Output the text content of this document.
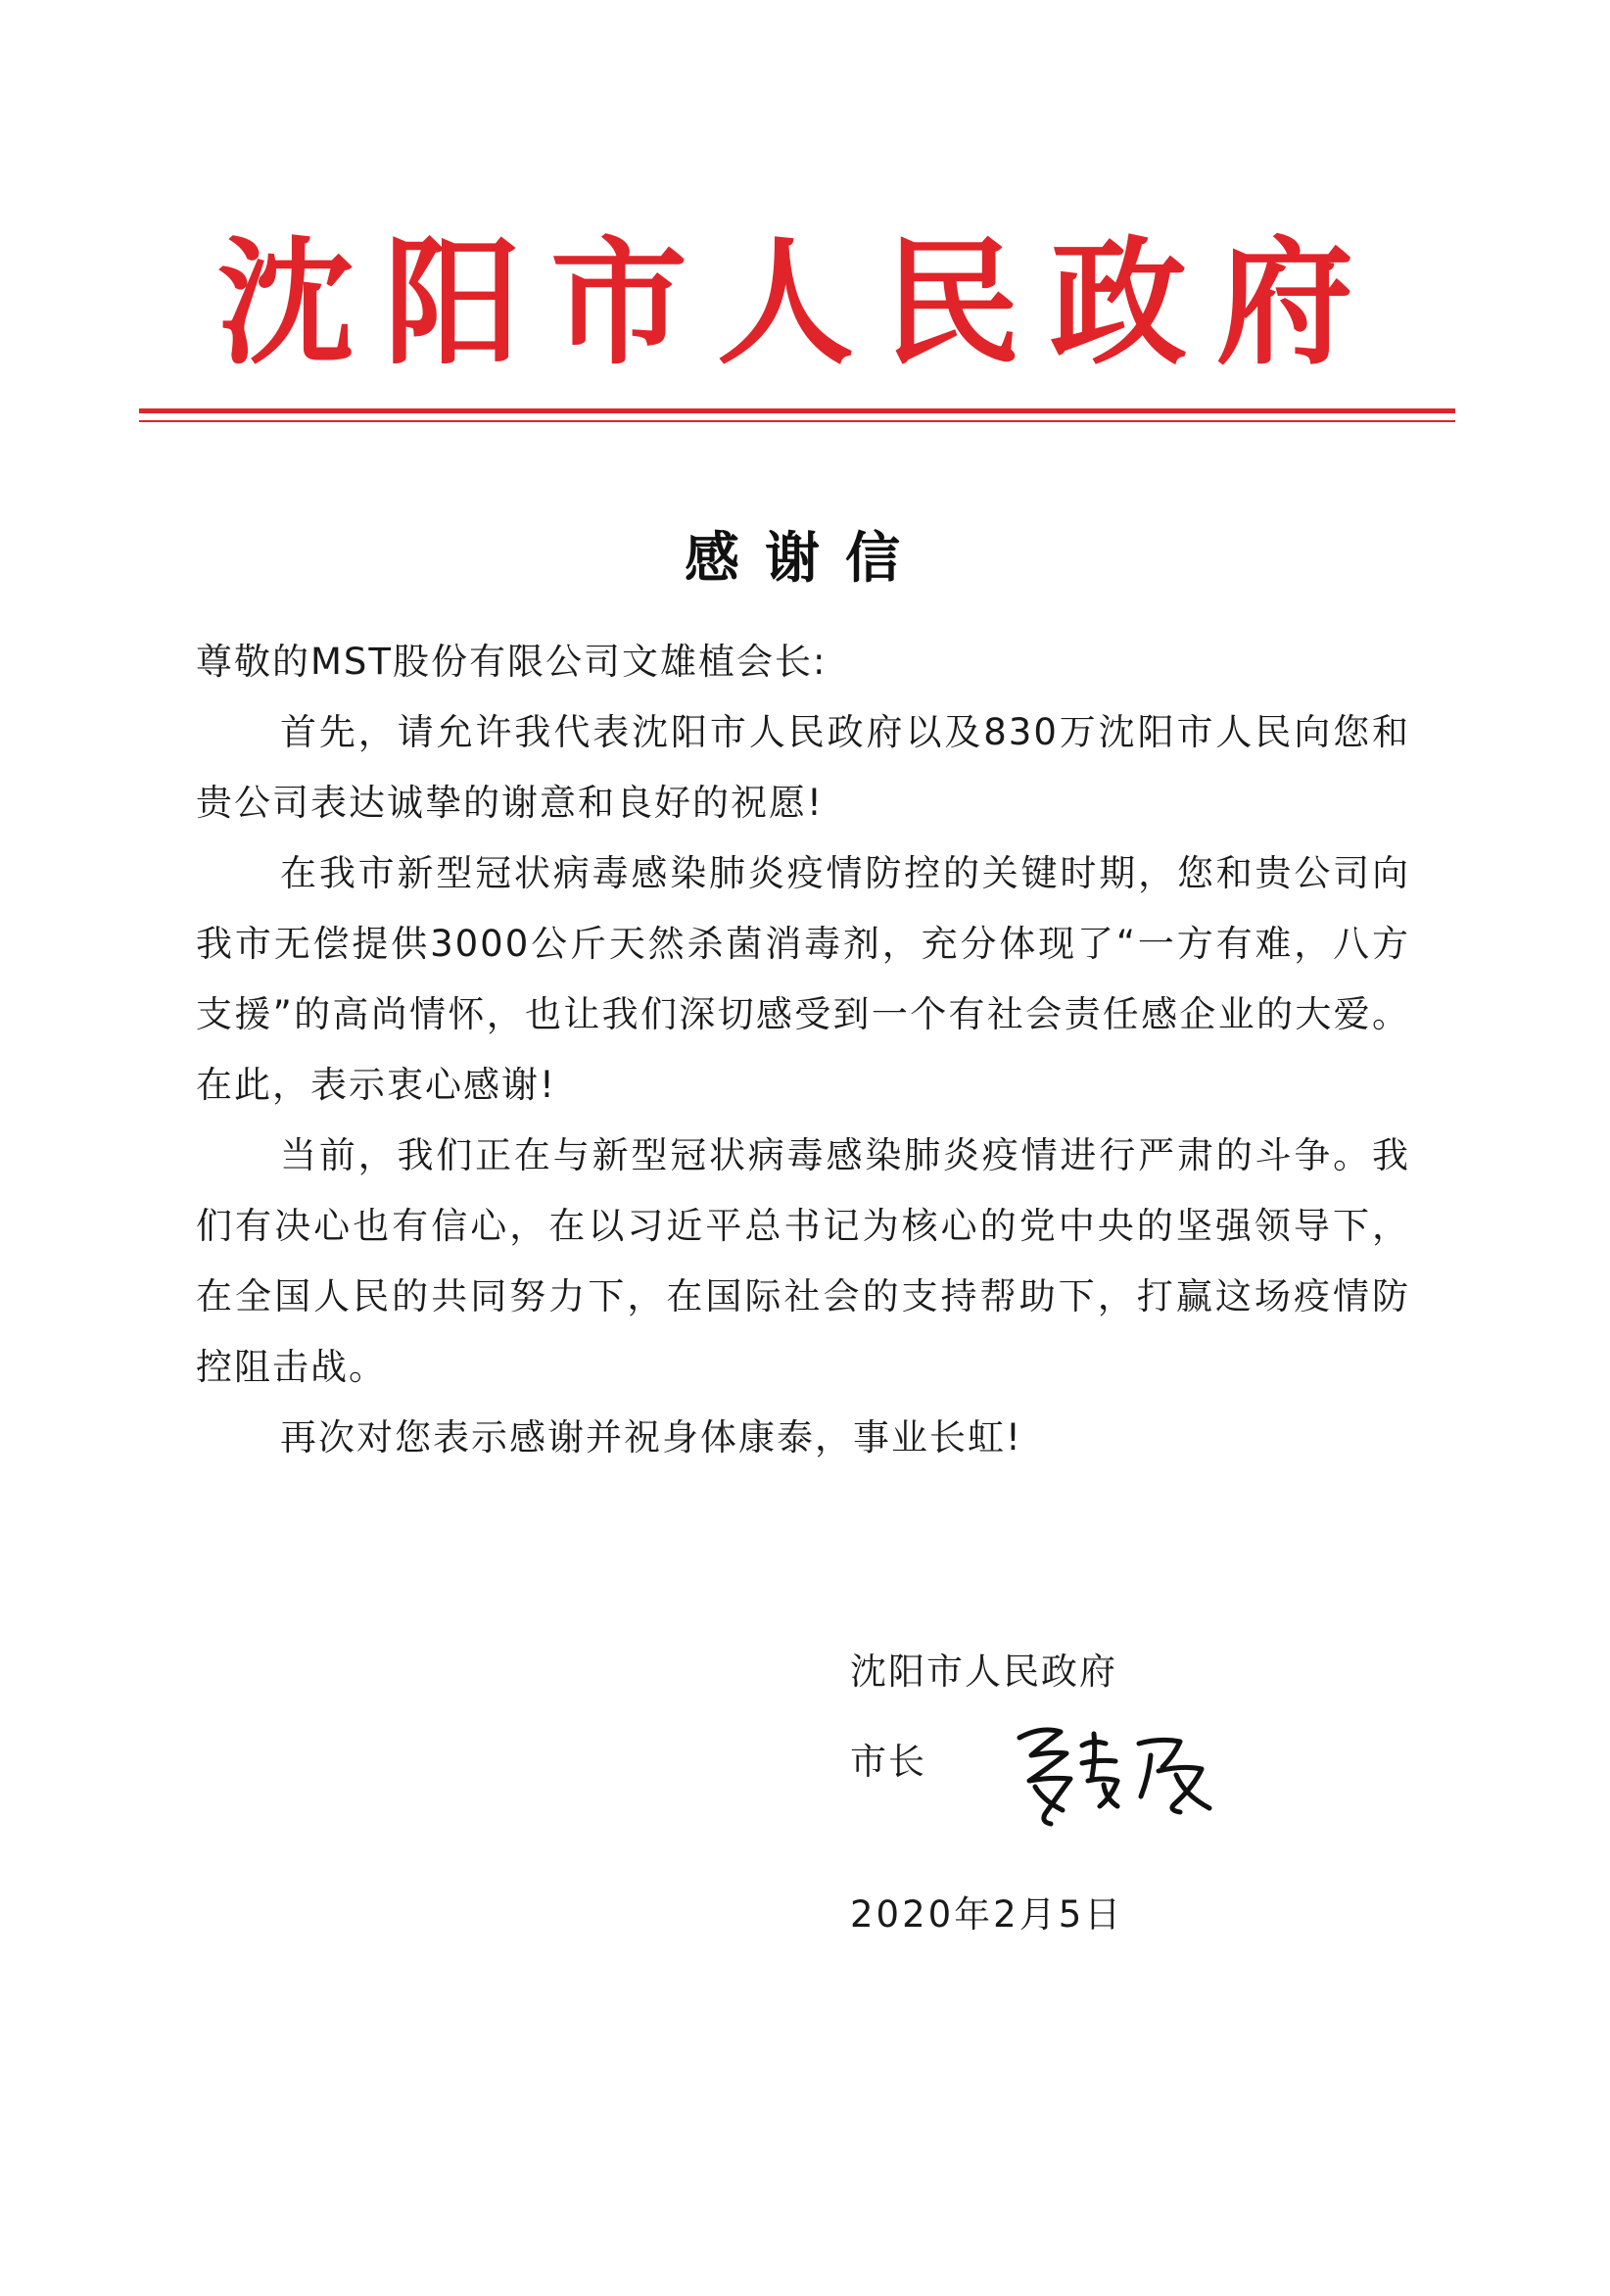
沈阳市人民政府
感谢信

尊敬的MST股份有限公司文雄植会长:

首先，请允许我代表沈阳市人民政府以及830万沈阳市人民向您和贵公司表达诚挚的谢意和良好的祝愿!

在我市新型冠状病毒感染肺炎疫情防控的关键时期，您和贵公司向我市无偿提供3000公斤天然杀菌消毒剂，充分体现了“一方有难，八方支援”的高尚情怀，也让我们深切感受到一个有社会责任感企业的大爱。在此，表示衷心感谢!

当前，我们正在与新型冠状病毒感染肺炎疫情进行严肃的斗争。我们有决心也有信心，在以习近平总书记为核心的党中央的坚强领导下，在全国人民的共同努力下，在国际社会的支持帮助下，打赢这场疫情防控阻击战。

再次对您表示感谢并祝身体康泰，事业长虹!

沈阳市人民政府
市长
2020年2月5日
